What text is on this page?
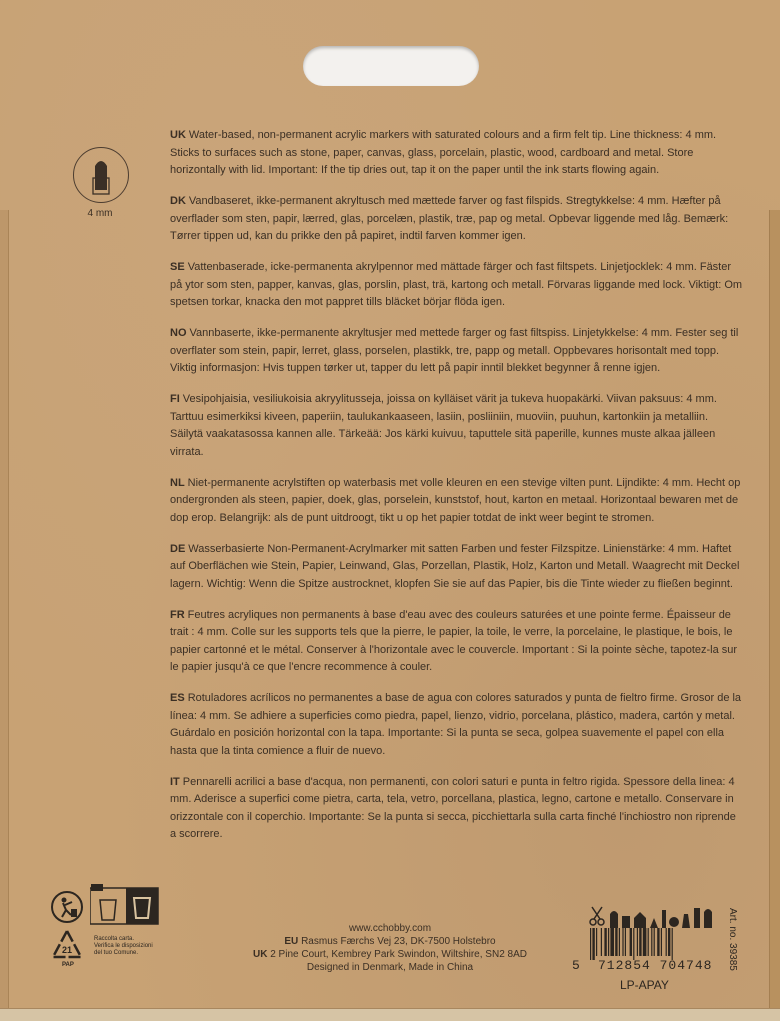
4 mm

UK Water-based, non-permanent acrylic markers with saturated colours and a firm felt tip. Line thickness: 4 mm. Sticks to surfaces such as stone, paper, canvas, glass, porcelain, plastic, wood, cardboard and metal. Store horizontally with lid. Important: If the tip dries out, tap it on the paper until the ink starts flowing again.

DK Vandbaseret, ikke-permanent akryltusch med mættede farver og fast filspids. Stregtykkelse: 4 mm. Hæfter på overflader som sten, papir, lærred, glas, porcelæn, plastik, træ, pap og metal. Opbevar liggende med låg. Bemærk: Tørrer tippen ud, kan du prikke den på papiret, indtil farven kommer igen.

SE Vattenbaserade, icke-permanenta akrylpennor med mättade färger och fast filtspets. Linjetjocklek: 4 mm. Fäster på ytor som sten, papper, kanvas, glas, porslin, plast, trä, kartong och metall. Förvaras liggande med lock. Viktigt: Om spetsen torkar, knacka den mot pappret tills bläcket börjar flöda igen.

NO Vannbaserte, ikke-permanente akryltusjer med mettede farger og fast filtspiss. Linjetykkelse: 4 mm. Fester seg til overflater som stein, papir, lerret, glass, porselen, plastikk, tre, papp og metall. Oppbevares horisontalt med topp. Viktig informasjon: Hvis tuppen tørker ut, tapper du lett på papir inntil blekket begynner å renne igjen.

FI Vesipohjaisia, vesiliukoisia akryylitusseja, joissa on kylläiset värit ja tukeva huopakärki. Viivan paksuus: 4 mm. Tarttuu esimerkiksi kiveen, paperiin, taulukankaaseen, lasiin, posliiniin, muoviin, puuhun, kartonkiin ja metalliin. Säilytä vaakatasossa kannen alle. Tärkeää: Jos kärki kuivuu, taputtele sitä paperille, kunnes muste alkaa jälleen virrata.

NL Niet-permanente acrylstiften op waterbasis met volle kleuren en een stevige vilten punt. Lijndikte: 4 mm. Hecht op ondergronden als steen, papier, doek, glas, porselein, kunststof, hout, karton en metaal. Horizontaal bewaren met de dop erop. Belangrijk: als de punt uitdroogt, tikt u op het papier totdat de inkt weer begint te stromen.

DE Wasserbasierte Non-Permanent-Acrylmarker mit satten Farben und fester Filzspitze. Linienstärke: 4 mm. Haftet auf Oberflächen wie Stein, Papier, Leinwand, Glas, Porzellan, Plastik, Holz, Karton und Metall. Waagrecht mit Deckel lagern. Wichtig: Wenn die Spitze austrocknet, klopfen Sie sie auf das Papier, bis die Tinte wieder zu fließen beginnt.

FR Feutres acryliques non permanents à base d'eau avec des couleurs saturées et une pointe ferme. Épaisseur de trait : 4 mm. Colle sur les supports tels que la pierre, le papier, la toile, le verre, la porcelaine, le plastique, le bois, le papier cartonné et le métal. Conserver à l'horizontale avec le couvercle. Important : Si la pointe sèche, tapotez-la sur le papier jusqu'à ce que l'encre recommence à couler.

ES Rotuladores acrílicos no permanentes a base de agua con colores saturados y punta de fieltro firme. Grosor de la línea: 4 mm. Se adhiere a superficies como piedra, papel, lienzo, vidrio, porcelana, plástico, madera, cartón y metal. Guárdalo en posición horizontal con la tapa. Importante: Si la punta se seca, golpea suavemente el papel con ella hasta que la tinta comience a fluir de nuevo.

IT Pennarelli acrilici a base d'acqua, non permanenti, con colori saturi e punta in feltro rigida. Spessore della linea: 4 mm. Aderisce a superfici come pietra, carta, tela, vetro, porcellana, plastica, legno, cartone e metallo. Conservare in orizzontale con il coperchio. Importante: Se la punta si secca, picchiettarla sulla carta finché l'inchiostro non riprende a scorrere.

21
PAP
Raccolta carta.
Verifica le disposizioni
del tuo Comune.
www.cchobby.com
EU Rasmus Færchs Vej 23, DK-7500 Holstebro
UK 2 Pine Court, Kembrey Park Swindon, Wiltshire, SN2 8AD
Designed in Denmark, Made in China	Art. no. 39385
5 712854 704748
LP-APAY
